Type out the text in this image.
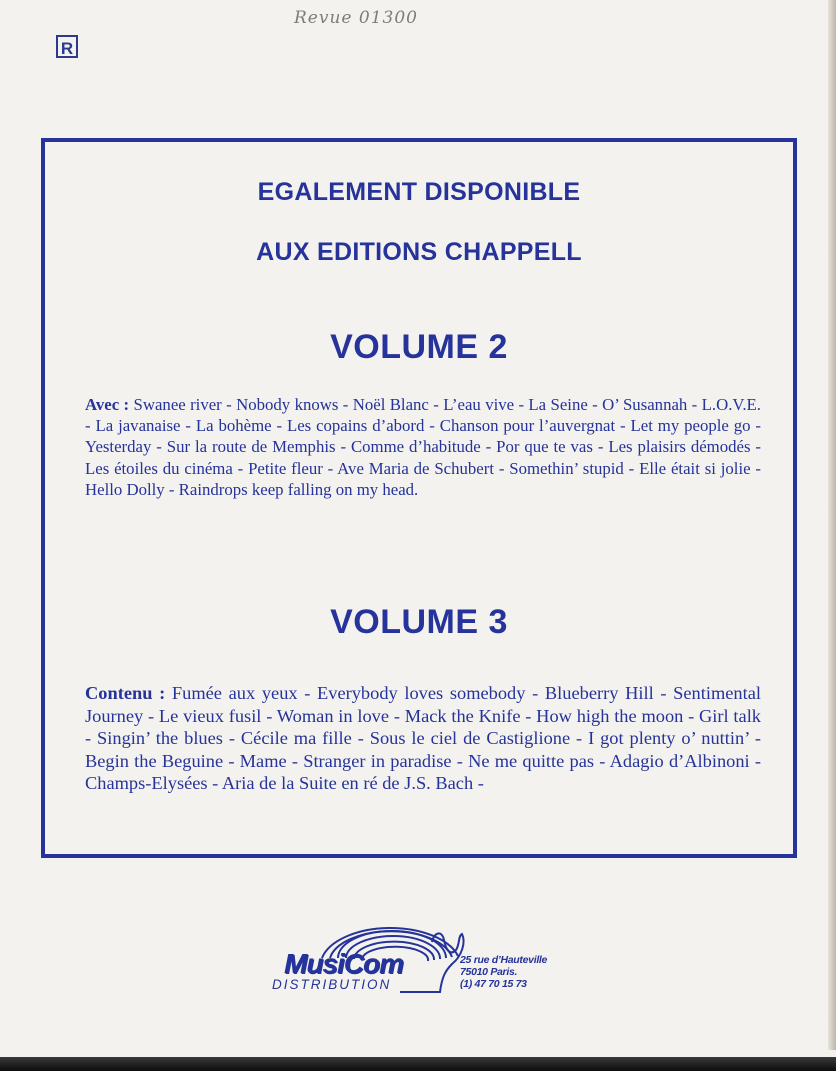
R
Revue 01300
EGALEMENT DISPONIBLE
AUX EDITIONS CHAPPELL
VOLUME 2
Avec : Swanee river - Nobody knows - Noël Blanc - L’eau vive - La Seine - O’ Susannah - L.O.V.E. - La javanaise - La bohème - Les copains d’abord - Chanson pour l’auvergnat - Let my people go - Yesterday - Sur la route de Memphis - Comme d’habitude - Por que te vas - Les plaisirs démodés - Les étoiles du cinéma - Petite fleur - Ave Maria de Schubert - Somethin’ stupid - Elle était si jolie - Hello Dolly - Raindrops keep falling on my head.
VOLUME 3
Contenu : Fumée aux yeux - Everybody loves somebody - Blueberry Hill - Sentimental Journey - Le vieux fusil - Woman in love - Mack the Knife - How high the moon - Girl talk - Singin’ the blues - Cécile ma fille - Sous le ciel de Castiglione - I got plenty o’ nuttin’ - Begin the Beguine - Mame - Stranger in paradise - Ne me quitte pas - Adagio d’Albinoni - Champs-Elysées - Aria de la Suite en ré de J.S. Bach -
MusiCom
DISTRIBUTION
25 rue d’Hauteville
75010 Paris.
(1) 47 70 15 73
